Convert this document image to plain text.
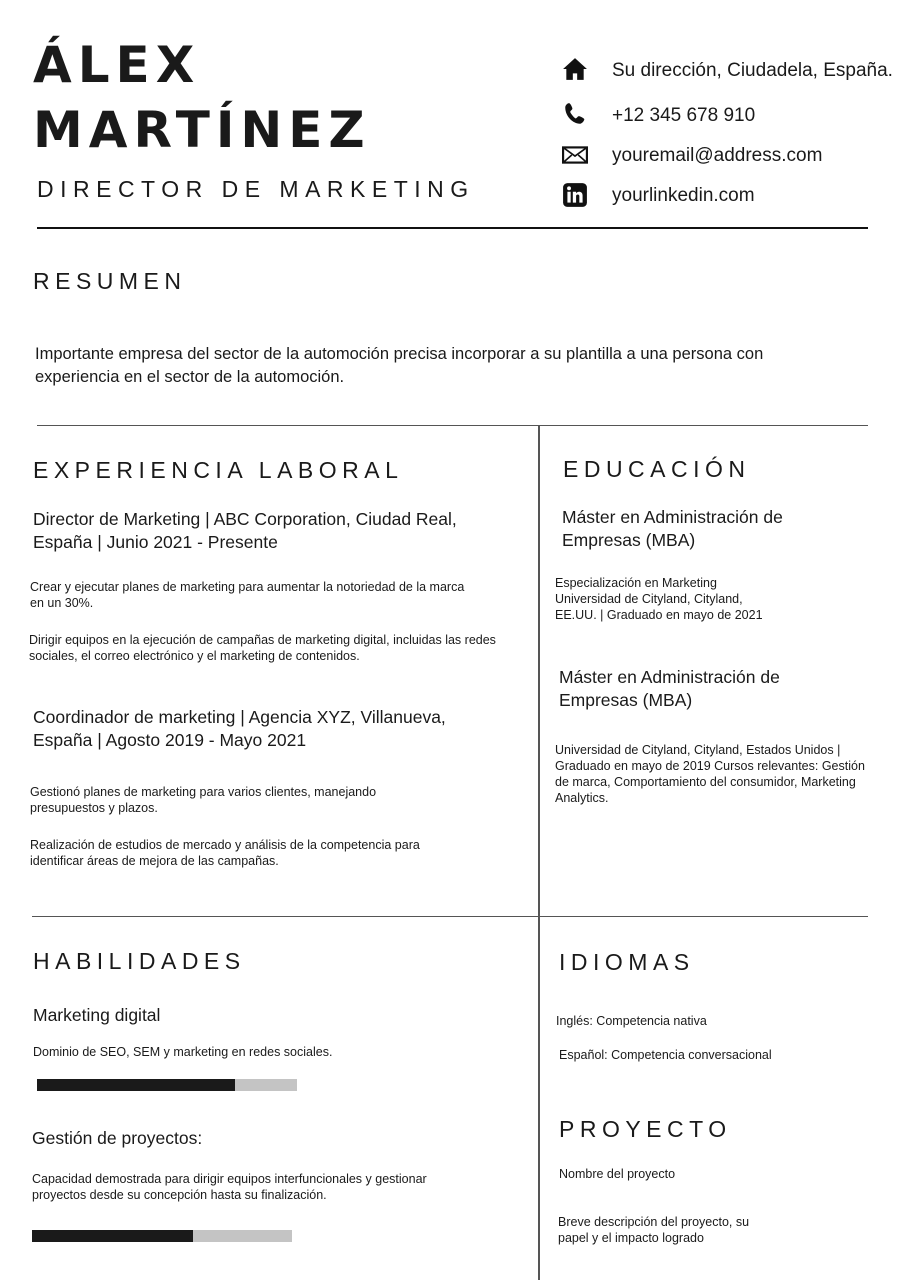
ÁLEX
MARTÍNEZ
DIRECTOR DE MARKETING
Su dirección, Ciudadela, España.
+12 345 678 910
youremail@address.com
yourlinkedin.com
RESUMEN

Importante empresa del sector de la automoción precisa incorporar a su plantilla a una persona con experiencia en el sector de la automoción.

EXPERIENCIA LABORAL
Director de Marketing | ABC Corporation, Ciudad Real, España | Junio 2021 - Presente

Crear y ejecutar planes de marketing para aumentar la notoriedad de la marca en un 30%.

Dirigir equipos en la ejecución de campañas de marketing digital, incluidas las redes sociales, el correo electrónico y el marketing de contenidos.

Coordinador de marketing | Agencia XYZ, Villanueva, España | Agosto 2019 - Mayo 2021

Gestionó planes de marketing para varios clientes, manejando presupuestos y plazos.

Realización de estudios de mercado y análisis de la competencia para identificar áreas de mejora de las campañas.

EDUCACIÓN
Máster en Administración de Empresas (MBA)

Especialización en Marketing Universidad de Cityland, Cityland, EE.UU. | Graduado en mayo de 2021

Máster en Administración de Empresas (MBA)

Universidad de Cityland, Cityland, Estados Unidos | Graduado en mayo de 2019 Cursos relevantes: Gestión de marca, Comportamiento del consumidor, Marketing Analytics.

HABILIDADES
Marketing digital

Dominio de SEO, SEM y marketing en redes sociales.

Gestión de proyectos:

Capacidad demostrada para dirigir equipos interfuncionales y gestionar proyectos desde su concepción hasta su finalización.

IDIOMAS

Inglés: Competencia nativa

Español: Competencia conversacional

PROYECTO

Nombre del proyecto

Breve descripción del proyecto, su papel y el impacto logrado
